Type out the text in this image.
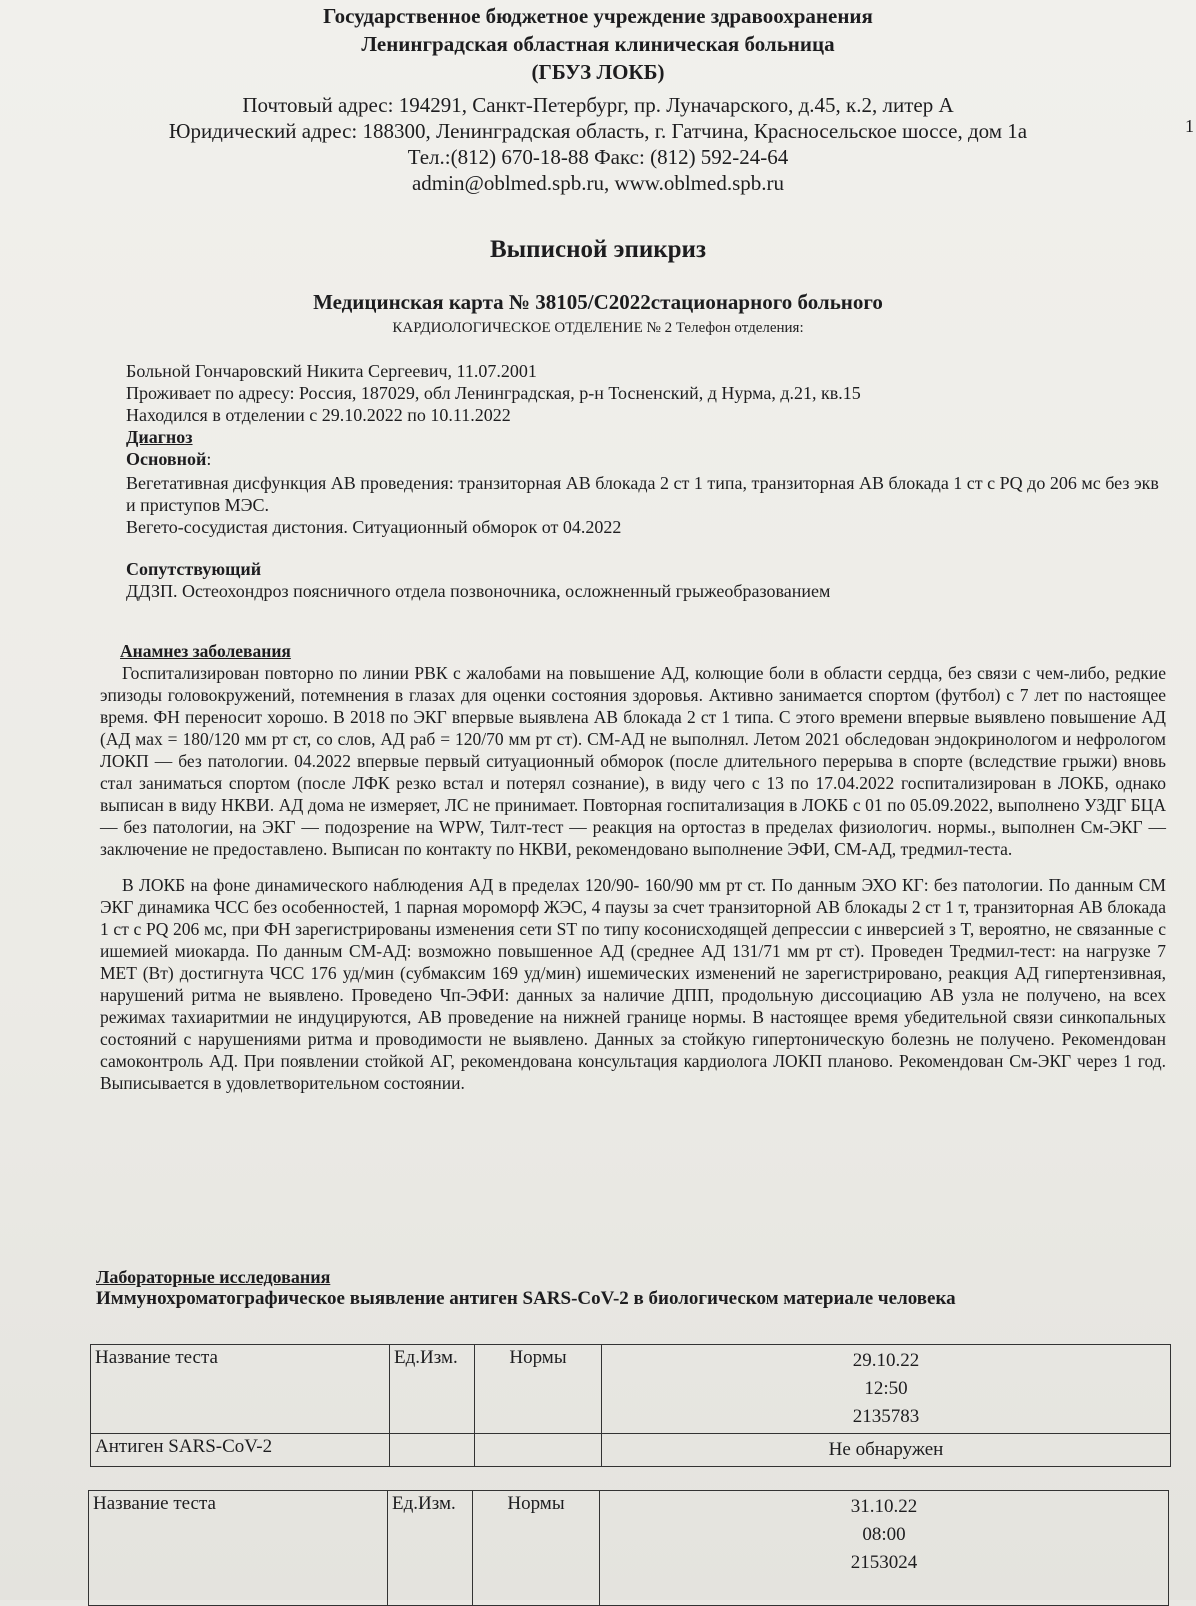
Государственное бюджетное учреждение здравоохранения
Ленинградская областная клиническая больница
(ГБУЗ ЛОКБ)
Почтовый адрес: 194291, Санкт-Петербург, пр. Луначарского, д.45, к.2, литер А
Юридический адрес: 188300, Ленинградская область, г. Гатчина, Красносельское шоссе, дом 1а
Тел.:(812) 670-18-88 Факс: (812) 592-24-64
admin@oblmed.spb.ru, www.oblmed.spb.ru
1
Выписной эпикриз
Медицинская карта № 38105/С2022стационарного больного
КАРДИОЛОГИЧЕСКОЕ ОТДЕЛЕНИЕ № 2 Телефон отделения:
Больной Гончаровский Никита Сергеевич, 11.07.2001
Проживает по адресу: Россия, 187029, обл Ленинградская, р-н Тосненский, д Нурма, д.21, кв.15
Находился в отделении с 29.10.2022 по 10.11.2022
Диагноз
Основной:
Вегетативная дисфункция АВ проведения: транзиторная АВ блокада 2 ст 1 типа, транзиторная АВ блокада 1 ст с PQ до 206 мс без экв и приступов МЭС.
Вегето-сосудистая дистония. Ситуационный обморок от 04.2022
Сопутствующий
ДДЗП. Остеохондроз поясничного отдела позвоночника, осложненный грыжеобразованием
Анамнез заболевания

Госпитализирован повторно по линии РВК с жалобами на повышение АД, колющие боли в области сердца, без связи с чем-либо, редкие эпизоды головокружений, потемнения в глазах для оценки состояния здоровья. Активно занимается спортом (футбол) с 7 лет по настоящее время. ФН переносит хорошо. В 2018 по ЭКГ впервые выявлена АВ блокада 2 ст 1 типа. С этого времени впервые выявлено повышение АД (АД мах = 180/120 мм рт ст, со слов, АД раб = 120/70 мм рт ст). СМ-АД не выполнял. Летом 2021 обследован эндокринологом и нефрологом ЛОКП — без патологии. 04.2022 впервые первый ситуационный обморок (после длительного перерыва в спорте (вследствие грыжи) вновь стал заниматься спортом (после ЛФК резко встал и потерял сознание), в виду чего с 13 по 17.04.2022 госпитализирован в ЛОКБ, однако выписан в виду НКВИ. АД дома не измеряет, ЛС не принимает. Повторная госпитализация в ЛОКБ с 01 по 05.09.2022, выполнено УЗДГ БЦА — без патологии, на ЭКГ — подозрение на WPW, Тилт-тест — реакция на ортостаз в пределах физиологич. нормы., выполнен См-ЭКГ — заключение не предоставлено. Выписан по контакту по НКВИ, рекомендовано выполнение ЭФИ, СМ-АД, тредмил-теста.

В ЛОКБ на фоне динамического наблюдения АД в пределах 120/90- 160/90 мм рт ст. По данным ЭХО КГ: без патологии. По данным СМ ЭКГ динамика ЧСС без особенностей, 1 парная мороморф ЖЭС, 4 паузы за счет транзиторной АВ блокады 2 ст 1 т, транзиторная АВ блокада 1 ст с PQ 206 мс, при ФН зарегистрированы изменения сети ST по типу косонисходящей депрессии с инверсией з T, вероятно, не связанные с ишемией миокарда. По данным СМ-АД: возможно повышенное АД (среднее АД 131/71 мм рт ст). Проведен Тредмил-тест: на нагрузке 7 MET (Вт) достигнута ЧСС 176 уд/мин (субмаксим 169 уд/мин) ишемических изменений не зарегистрировано, реакция АД гипертензивная, нарушений ритма не выявлено. Проведено Чп-ЭФИ: данных за наличие ДПП, продольную диссоциацию АВ узла не получено, на всех режимах тахиаритмии не индуцируются, АВ проведение на нижней границе нормы. В настоящее время убедительной связи синкопальных состояний с нарушениями ритма и проводимости не выявлено. Данных за стойкую гипертоническую болезнь не получено. Рекомендован самоконтроль АД. При появлении стойкой АГ, рекомендована консультация кардиолога ЛОКП планово. Рекомендован См-ЭКГ через 1 год. Выписывается в удовлетворительном состоянии.

Лабораторные исследования
Иммунохроматографическое выявление антиген SARS-CoV-2 в биологическом материале человека
Название теста	Ед.Изм.	Нормы	29.10.22
12:50
2135783

Антиген SARS-CoV-2			Не обнаружен
Название теста	Ед.Изм.	Нормы	31.10.22
08:00
2153024
